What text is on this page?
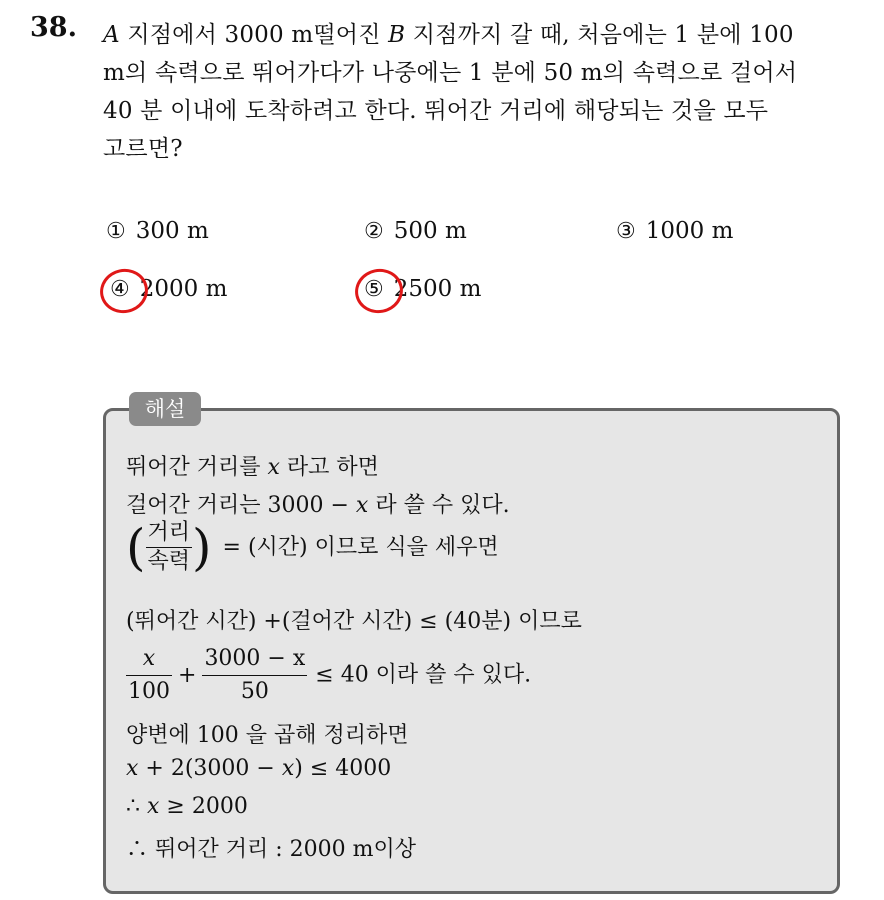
38. A 지점에서 3000 m떨어진 B 지점까지 갈 때, 처음에는 1 분에 100
m의 속력으로 뛰어가다가 나중에는 1 분에 50 m의 속력으로 걸어서
40 분 이내에 도착하려고 한다. 뛰어간 거리에 해당되는 것을 모두
고르면?
① 300 m	② 500 m	③ 1000 m
④ 2000 m	⑤ 2500 m
해설
뛰어간 거리를 x 라고 하면
걸어간 거리는 3000 − x 라 쓸 수 있다.
( $\frac{\text{거리}}{\text{속력}}$ ) = (시간) 이므로 식을 세우면
(뛰어간 시간) +(걸어간 시간) ≤ (40분) 이므로
$\frac{x}{100} + \frac{3000 - x}{50} \le 40$ 이라 쓸 수 있다.
양변에 100 을 곱해 정리하면
x + 2(3000 − x) ≤ 4000
∴ x ≥ 2000
∴ 뛰어간 거리 : 2000 m이상
